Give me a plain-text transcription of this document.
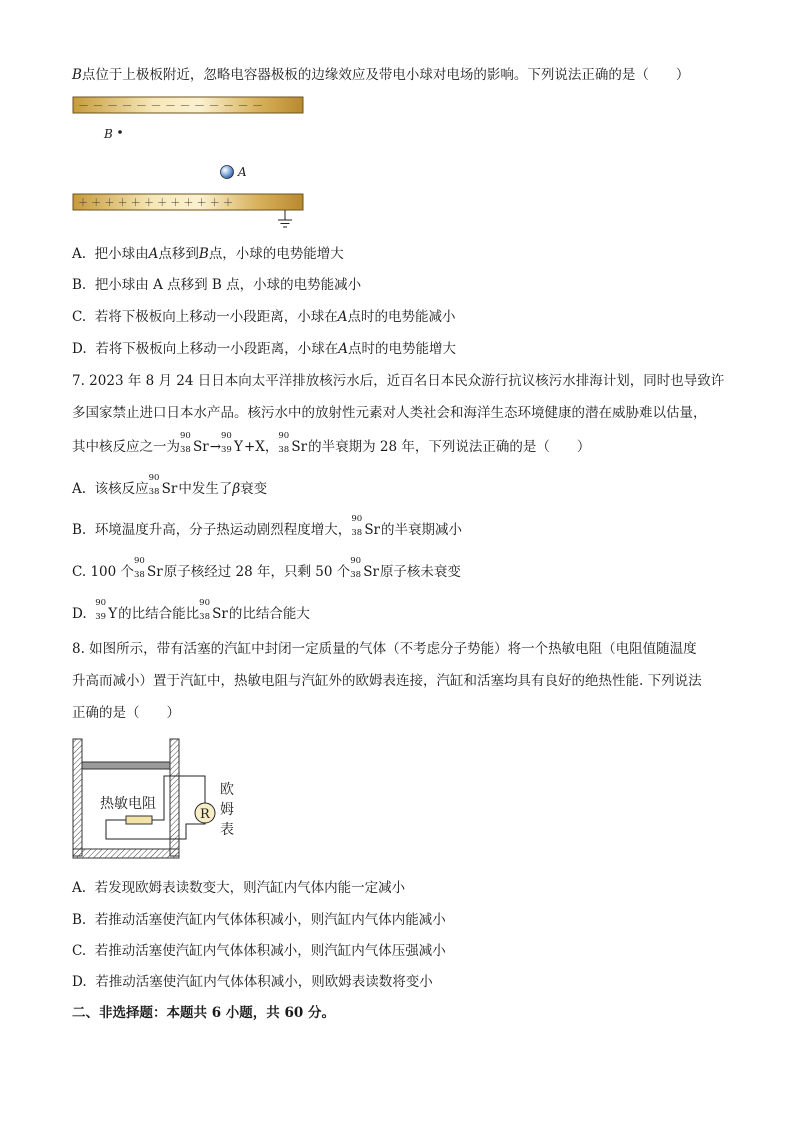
B点位于上极板附近，忽略电容器极板的边缘效应及带电小球对电场的影响。下列说法正确的是（　　）
－ － － － － － － － － － － － －
B
A
＋ ＋ ＋ ＋ ＋ ＋ ＋ ＋ ＋ ＋ ＋ ＋
A. 把小球由A点移到B点，小球的电势能增大
B. 把小球由 A 点移到 B 点，小球的电势能减小
C. 若将下极板向上移动一小段距离，小球在A点时的电势能减小
D. 若将下极板向上移动一小段距离，小球在A点时的电势能增大
7. 2023 年 8 月 24 日日本向太平洋排放核污水后，近百名日本民众游行抗议核污水排海计划，同时也导致许
多国家禁止进口日本水产品。核污水中的放射性元素对人类社会和海洋生态环境健康的潜在威胁难以估量，
其中核反应之一为
90
38 Sr→
90
39 Y+X，
90
38 Sr的半衰期为 28 年，下列说法正确的是（　　）
A. 该核反应
90
38 Sr中发生了β衰变
B. 环境温度升高，分子热运动剧烈程度增大，
90
38 Sr的半衰期减小
C. 100 个
90
38 Sr原子核经过 28 年，只剩 50 个
90
38 Sr原子核未衰变
D.
90
39 Y的比结合能比
90
38 Sr的比结合能大
8. 如图所示，带有活塞的汽缸中封闭一定质量的气体（不考虑分子势能）将一个热敏电阻（电阻值随温度
升高而减小）置于汽缸中，热敏电阻与汽缸外的欧姆表连接，汽缸和活塞均具有良好的绝热性能. 下列说法
正确的是（　　）
热敏电阻
R
欧
姆
表
A. 若发现欧姆表读数变大，则汽缸内气体内能一定减小
B. 若推动活塞使汽缸内气体体积减小，则汽缸内气体内能减小
C. 若推动活塞使汽缸内气体体积减小，则汽缸内气体压强减小
D. 若推动活塞使汽缸内气体体积减小，则欧姆表读数将变小
二、非选择题：本题共 6 小题，共 60 分。
